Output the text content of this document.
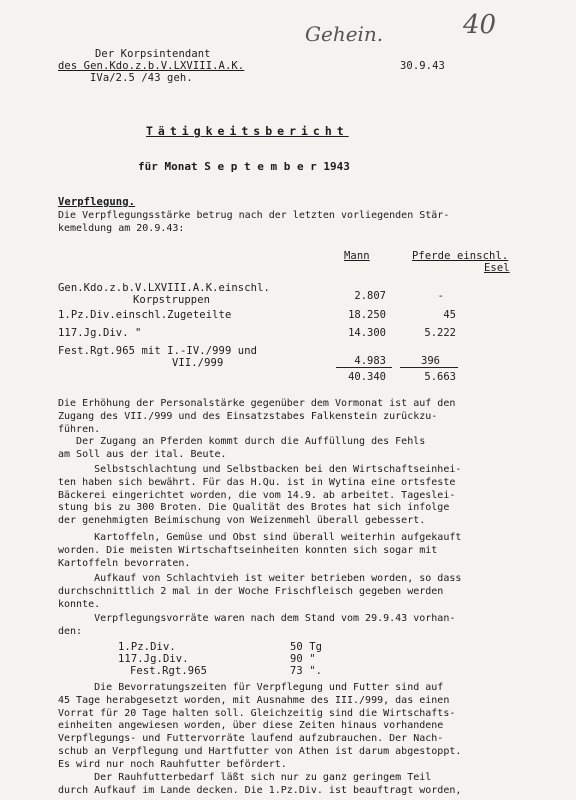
Der Korpsintendant
des Gen.Kdo.z.b.V.LXVIII.A.K.
IVa/2.5 /43 geh.
30.9.43
Gehein.	40
Tätigkeitsbericht
für Monat S e p t e m b e r 1943
Verpflegung.
Die Verpflegungsstärke betrug nach der letzten vorliegenden Stär-
kemeldung am 20.9.43:
Mann	Pferde einschl.
Esel
Gen.Kdo.z.b.V.LXVIII.A.K.einschl.
Korpstruppen	2.807	-
1.Pz.Div.einschl.Zugeteilte	18.250	45
117.Jg.Div. "	14.300	5.222
Fest.Rgt.965 mit I.-IV./999 und
VII./999	4.983	396
40.340	5.663
Die Erhöhung der Personalstärke gegenüber dem Vormonat ist auf den
Zugang des VII./999 und des Einsatzstabes Falkenstein zurückzu-
führen.
Der Zugang an Pferden kommt durch die Auffüllung des Fehls
am Soll aus der ital. Beute.
Selbstschlachtung und Selbstbacken bei den Wirtschaftseinhei-
ten haben sich bewährt. Für das H.Qu. ist in Wytina eine ortsfeste
Bäckerei eingerichtet worden, die vom 14.9. ab arbeitet. Tageslei-
stung bis zu 300 Broten. Die Qualität des Brotes hat sich infolge
der genehmigten Beimischung von Weizenmehl überall gebessert.
Kartoffeln, Gemüse und Obst sind überall weiterhin aufgekauft
worden. Die meisten Wirtschaftseinheiten konnten sich sogar mit
Kartoffeln bevorraten.
Aufkauf von Schlachtvieh ist weiter betrieben worden, so dass
durchschnittlich 2 mal in der Woche Frischfleisch gegeben werden
konnte.
Verpflegungsvorräte waren nach dem Stand vom 29.9.43 vorhan-
den:
1.Pz.Div.	50 Tg
117.Jg.Div.	90 "
Fest.Rgt.965	73 ".
Die Bevorratungszeiten für Verpflegung und Futter sind auf
45 Tage herabgesetzt worden, mit Ausnahme des III./999, das einen
Vorrat für 20 Tage halten soll. Gleichzeitig sind die Wirtschafts-
einheiten angewiesen worden, über diese Zeiten hinaus vorhandene
Verpflegungs- und Futtervorräte laufend aufzubrauchen. Der Nach-
schub an Verpflegung und Hartfutter von Athen ist darum abgestoppt.
Es wird nur noch Rauhfutter befördert.
Der Rauhfutterbedarf läßt sich nur zu ganz geringem Teil
durch Aufkauf im Lande decken. Die 1.Pz.Div. ist beauftragt worden,
